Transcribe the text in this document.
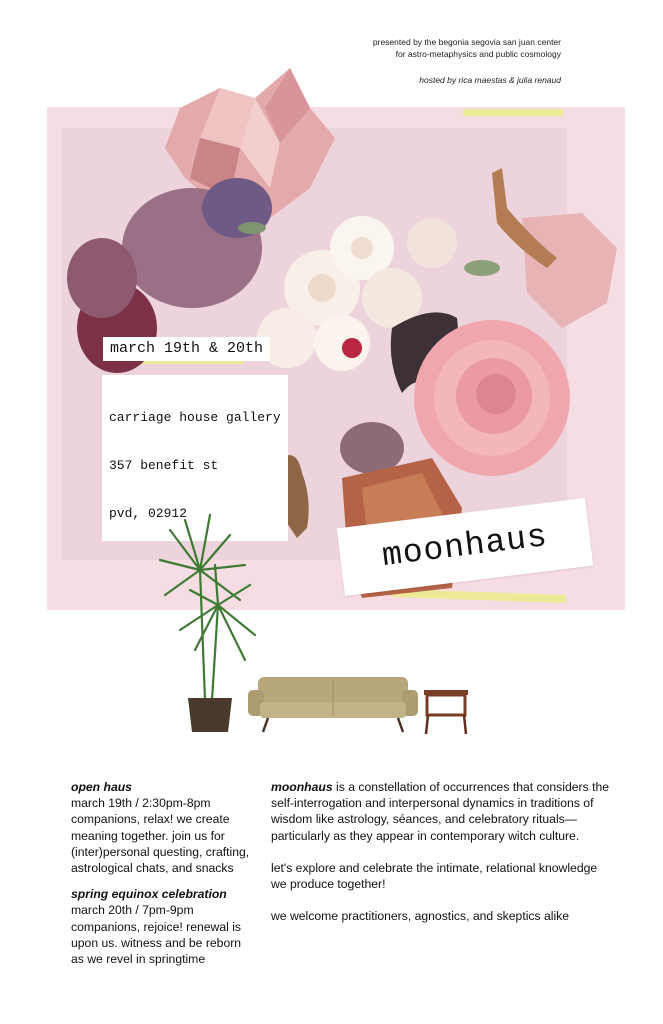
presented by the begonia segovia san juan center
for astro-metaphysics and public cosmology
hosted by rica maestas & julia renaud
march 19th & 20th

carriage house gallery

357 benefit st

pvd, 02912

moonhaus
open haus
march 19th / 2:30pm-8pm
companions, relax! we create
meaning together. join us for
(inter)personal questing, crafting,
astrological chats, and snacks
spring equinox celebration
march 20th / 7pm-9pm
companions, rejoice! renewal is
upon us. witness and be reborn
as we revel in springtime
moonhaus is a constellation of occurrences that considers the self-interrogation and interpersonal dynamics in traditions of wisdom like astrology, séances, and celebratory rituals— particularly as they appear in contemporary witch culture.
let's explore and celebrate the intimate, relational knowledge we produce together!
we welcome practitioners, agnostics, and skeptics alike
